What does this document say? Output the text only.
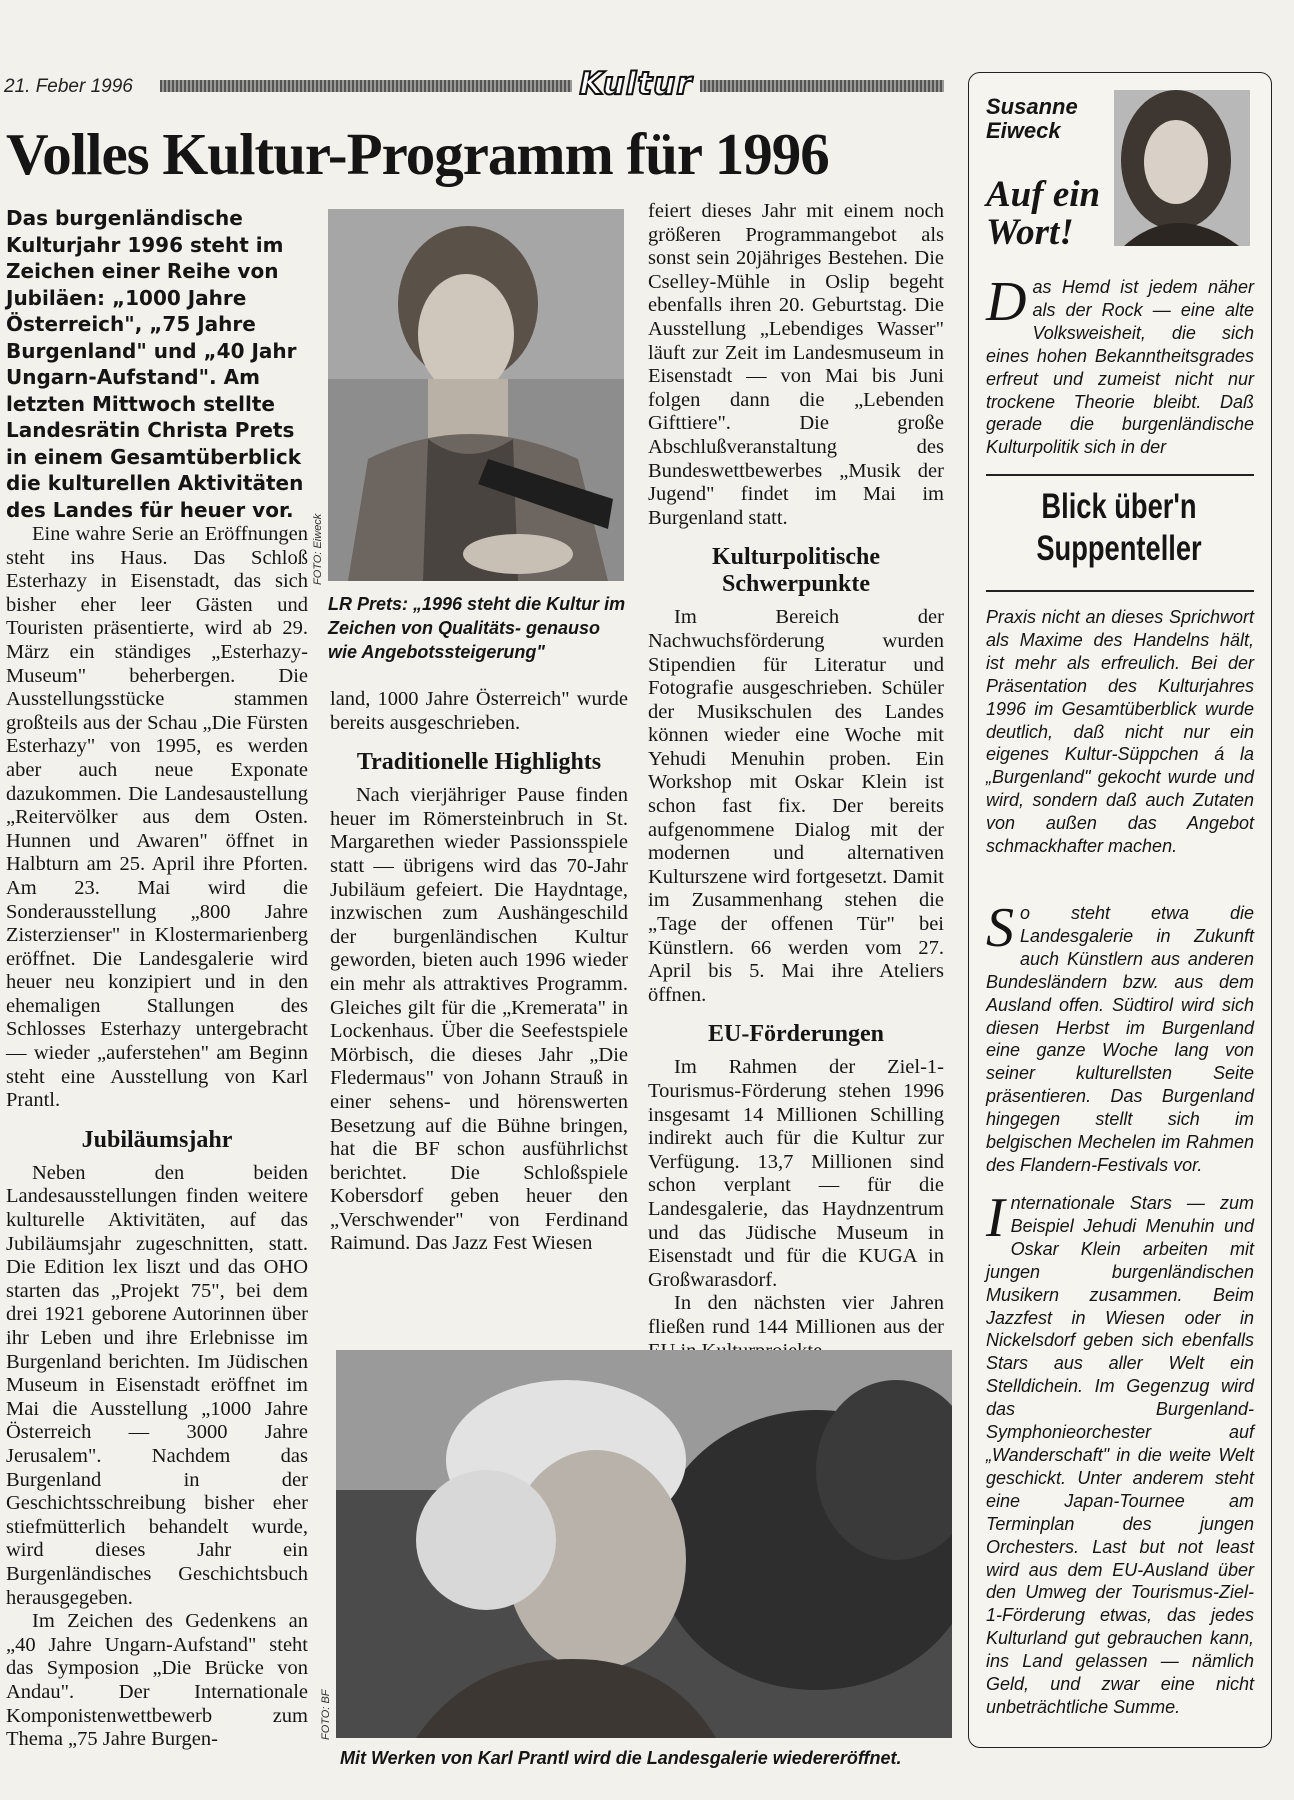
21. Feber 1996	Kultur
Volles Kultur-Programm für 1996

Das burgenländische Kulturjahr 1996 steht im Zeichen einer Reihe von Jubiläen: „1000 Jahre Österreich", „75 Jahre Burgenland" und „40 Jahr Ungarn-Aufstand". Am letzten Mittwoch stellte Landesrätin Christa Prets in einem Gesamtüberblick die kulturellen Aktivitäten des Landes für heuer vor.

Eine wahre Serie an Eröffnungen steht ins Haus. Das Schloß Esterhazy in Eisenstadt, das sich bisher eher leer Gästen und Touristen präsentierte, wird ab 29. März ein ständiges „Esterhazy-Museum" beherbergen. Die Ausstellungsstücke stammen großteils aus der Schau „Die Fürsten Esterhazy" von 1995, es werden aber auch neue Exponate dazukommen. Die Landesaustellung „Reitervölker aus dem Osten. Hunnen und Awaren" öffnet in Halbturn am 25. April ihre Pforten. Am 23. Mai wird die Sonderausstellung „800 Jahre Zisterzienser" in Klostermarienberg eröffnet. Die Landesgalerie wird heuer neu konzipiert und in den ehemaligen Stallungen des Schlosses Esterhazy untergebracht — wieder „auferstehen" am Beginn steht eine Ausstellung von Karl Prantl.

Jubiläumsjahr

Neben den beiden Landesausstellungen finden weitere kulturelle Aktivitäten, auf das Jubiläumsjahr zugeschnitten, statt. Die Edition lex liszt und das OHO starten das „Projekt 75", bei dem drei 1921 geborene Autorinnen über ihr Leben und ihre Erlebnisse im Burgenland berichten. Im Jüdischen Museum in Eisenstadt eröffnet im Mai die Ausstellung „1000 Jahre Österreich — 3000 Jahre Jerusalem". Nachdem das Burgenland in der Geschichtsschreibung bisher eher stiefmütterlich behandelt wurde, wird dieses Jahr ein Burgenländisches Geschichtsbuch herausgegeben.

Im Zeichen des Gedenkens an „40 Jahre Ungarn-Aufstand" steht das Symposion „Die Brücke von Andau". Der Internationale Komponistenwettbewerb zum Thema „75 Jahre Burgen-

FOTO: Eiweck
LR Prets: „1996 steht die Kultur im Zeichen von Qualitäts- genauso wie Angebotssteigerung"

land, 1000 Jahre Österreich" wurde bereits ausgeschrieben.

Traditionelle Highlights

Nach vierjähriger Pause finden heuer im Römersteinbruch in St. Margarethen wieder Passionsspiele statt — übrigens wird das 70-Jahr Jubiläum gefeiert. Die Haydntage, inzwischen zum Aushängeschild der burgenländischen Kultur geworden, bieten auch 1996 wieder ein mehr als attraktives Programm. Gleiches gilt für die „Kremerata" in Lockenhaus. Über die Seefestspiele Mörbisch, die dieses Jahr „Die Fledermaus" von Johann Strauß in einer sehens- und hörenswerten Besetzung auf die Bühne bringen, hat die BF schon ausführlichst berichtet. Die Schloßspiele Kobersdorf geben heuer den „Verschwender" von Ferdinand Raimund. Das Jazz Fest Wiesen

feiert dieses Jahr mit einem noch größeren Programmangebot als sonst sein 20jähriges Bestehen. Die Cselley-Mühle in Oslip begeht ebenfalls ihren 20. Geburtstag. Die Ausstellung „Lebendiges Wasser" läuft zur Zeit im Landesmuseum in Eisenstadt — von Mai bis Juni folgen dann die „Lebenden Gifttiere". Die große Abschlußveranstaltung des Bundeswettbewerbes „Musik der Jugend" findet im Mai im Burgenland statt.

Kulturpolitische Schwerpunkte

Im Bereich der Nachwuchsförderung wurden Stipendien für Literatur und Fotografie ausgeschrieben. Schüler der Musikschulen des Landes können wieder eine Woche mit Yehudi Menuhin proben. Ein Workshop mit Oskar Klein ist schon fast fix. Der bereits aufgenommene Dialog mit der modernen und alternativen Kulturszene wird fortgesetzt. Damit im Zusammenhang stehen die „Tage der offenen Tür" bei Künstlern. 66 werden vom 27. April bis 5. Mai ihre Ateliers öffnen.

EU-Förderungen

Im Rahmen der Ziel-1-Tourismus-Förderung stehen 1996 insgesamt 14 Millionen Schilling indirekt auch für die Kultur zur Verfügung. 13,7 Millionen sind schon verplant — für die Landesgalerie, das Haydnzentrum und das Jüdische Museum in Eisenstadt und für die KUGA in Großwarasdorf.

In den nächsten vier Jahren fließen rund 144 Millionen aus der

FOTO: BF
Mit Werken von Karl Prantl wird die Landesgalerie wiedereröffnet.
Susanne
Eiweck
Auf ein Wort!

Das Hemd ist jedem näher als der Rock — eine alte Volksweisheit, die sich eines hohen Bekanntheitsgrades erfreut und zumeist nicht nur trockene Theorie bleibt. Daß gerade die burgenländische Kulturpolitik sich in der

Blick über'n Suppenteller

Praxis nicht an dieses Sprichwort als Maxime des Handelns hält, ist mehr als erfreulich. Bei der Präsentation des Kulturjahres 1996 im Gesamtüberblick wurde deutlich, daß nicht nur ein eigenes Kultur-Süppchen á la „Burgenland" gekocht wurde und wird, sondern daß auch Zutaten von außen das Angebot schmackhafter machen.

So steht etwa die Landesgalerie in Zukunft auch Künstlern aus anderen Bundesländern bzw. aus dem Ausland offen. Südtirol wird sich diesen Herbst im Burgenland eine ganze Woche lang von seiner kulturellsten Seite präsentieren. Das Burgenland hingegen stellt sich im belgischen Mechelen im Rahmen des Flandern-Festivals vor.

Internationale Stars — zum Beispiel Jehudi Menuhin und Oskar Klein arbeiten mit jungen burgenländischen Musikern zusammen. Beim Jazzfest in Wiesen oder in Nickelsdorf geben sich ebenfalls Stars aus aller Welt ein Stelldichein. Im Gegenzug wird das Burgenland-Symphonieorchester auf „Wanderschaft" in die weite Welt geschickt. Unter anderem steht eine Japan-Tournee am Terminplan des jungen Orchesters. Last but not least wird aus dem EU-Ausland über den Umweg der Tourismus-Ziel-1-Förderung etwas, das jedes Kulturland gut gebrauchen kann, ins Land gelassen — nämlich Geld, und zwar eine nicht unbeträchtliche Summe.
